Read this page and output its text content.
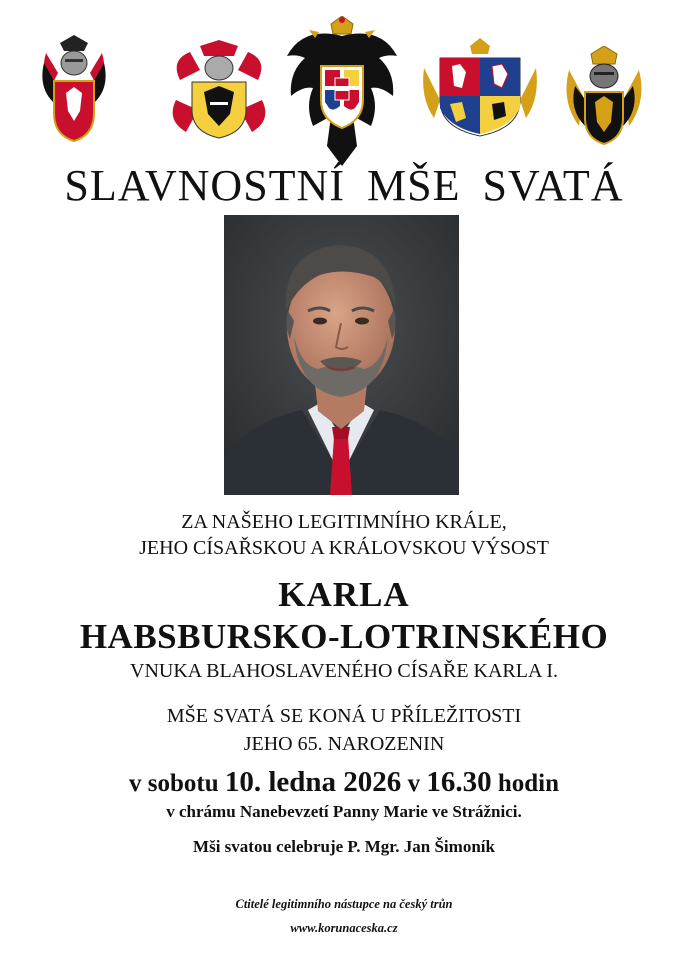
SLAVNOSTNÍ MŠE SVATÁ
ZA NAŠEHO LEGITIMNÍHO KRÁLE,
JEHO CÍSAŘSKOU A KRÁLOVSKOU VÝSOST
KARLA
HABSBURSKO-LOTRINSKÉHO
VNUKA BLAHOSLAVENÉHO CÍSAŘE KARLA I.
MŠE SVATÁ SE KONÁ U PŘÍLEŽITOSTI
JEHO 65. NAROZENIN
v sobotu 10. ledna 2026 v 16.30 hodin
v chrámu Nanebevzetí Panny Marie ve Strážnici.
Mši svatou celebruje P. Mgr. Jan Šimoník
Ctitelé legitimního nástupce na český trůn
www.korunaceska.cz
